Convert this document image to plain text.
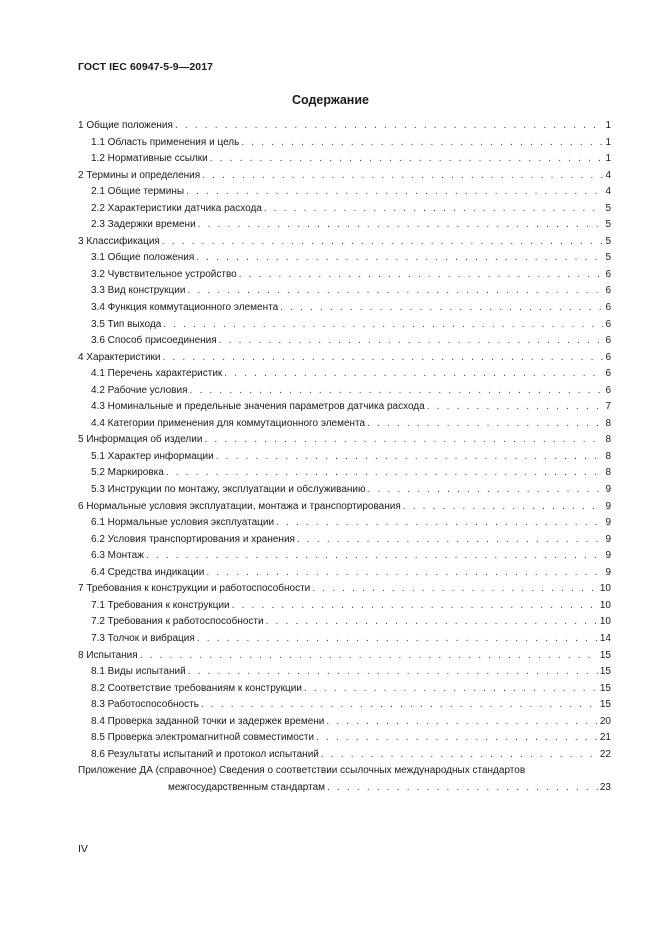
ГОСТ IEC 60947-5-9—2017
Содержание
1 Общие положения . . .	1
1.1 Область применения и цель . . .	1
1.2 Нормативные ссылки . . .	1
2 Термины и определения . . .	4
2.1 Общие термины . . .	4
2.2 Характеристики датчика расхода . . .	5
2.3 Задержки времени . . .	5
3 Классификация . . .	5
3.1 Общие положения . . .	5
3.2 Чувствительное устройство . . .	6
3.3 Вид конструкции . . .	6
3.4 Функция коммутационного элемента . . .	6
3.5 Тип выхода . . .	6
3.6 Способ присоединения . . .	6
4 Характеристики . . .	6
4.1 Перечень характеристик . . .	6
4.2 Рабочие условия . . .	6
4.3 Номинальные и предельные значения параметров датчика расхода . . .	7
4.4 Категории применения для коммутационного элемента . . .	8
5 Информация об изделии . . .	8
5.1 Характер информации . . .	8
5.2 Маркировка . . .	8
5.3 Инструкции по монтажу, эксплуатации и обслуживанию . . .	9
6 Нормальные условия эксплуатации, монтажа и транспортирования . . .	9
6.1 Нормальные условия эксплуатации . . .	9
6.2 Условия транспортирования и хранения . . .	9
6.3 Монтаж . . .	9
6.4 Средства индикации . . .	9
7 Требования к конструкции и работоспособности . . .	10
7.1 Требования к конструкции . . .	10
7.2 Требования к работоспособности . . .	10
7.3 Толчок и вибрация . . .	14
8 Испытания . . .	15
8.1 Виды испытаний . . .	15
8.2 Соответствие требованиям к конструкции . . .	15
8.3 Работоспособность . . .	15
8.4 Проверка заданной точки и задержек времени . . .	20
8.5 Проверка электромагнитной совместимости . . .	21
8.6 Результаты испытаний и протокол испытаний . . .	22
Приложение ДА (справочное) Сведения о соответствии ссылочных международных стандартов
межгосударственным стандартам . . .	23
IV
